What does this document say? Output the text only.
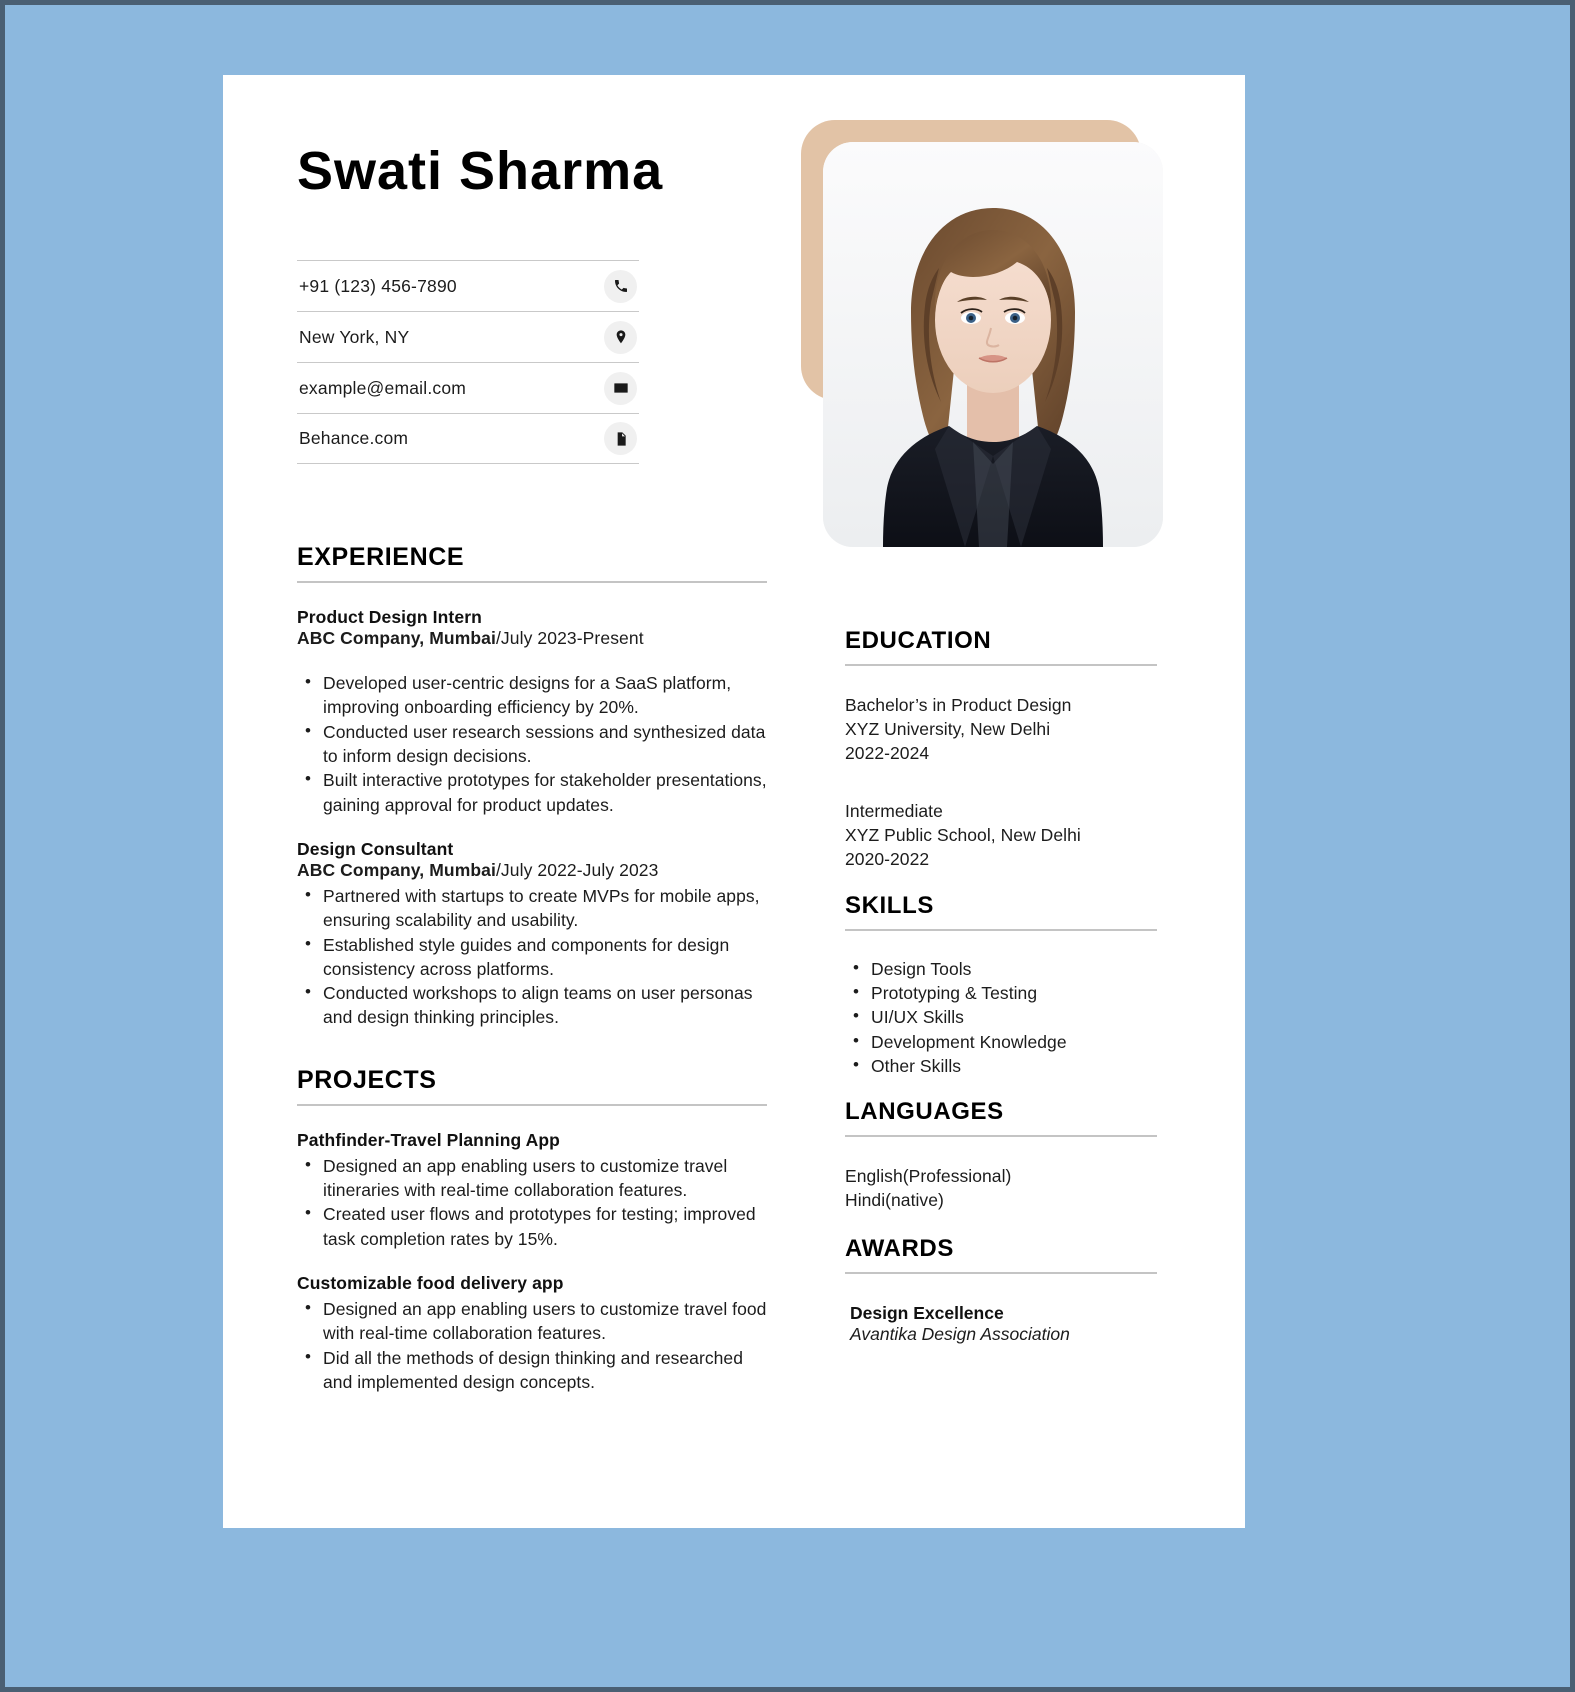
Swati Sharma
+91 (123) 456-7890
New York, NY
example@email.com
Behance.com
EXPERIENCE
Product Design Intern
ABC Company, Mumbai/July 2023-Present
• Developed user-centric designs for a SaaS platform, improving onboarding efficiency by 20%.
• Conducted user research sessions and synthesized data to inform design decisions.
• Built interactive prototypes for stakeholder presentations, gaining approval for product updates.
Design Consultant
ABC Company, Mumbai/July 2022-July 2023
• Partnered with startups to create MVPs for mobile apps, ensuring scalability and usability.
• Established style guides and components for design consistency across platforms.
• Conducted workshops to align teams on user personas and design thinking principles.
PROJECTS
Pathfinder-Travel Planning App
• Designed an app enabling users to customize travel itineraries with real-time collaboration features.
• Created user flows and prototypes for testing; improved task completion rates by 15%.
Customizable food delivery app
• Designed an app enabling users to customize travel food with real-time collaboration features.
• Did all the methods of design thinking and researched and implemented design concepts.
EDUCATION
Bachelor’s in Product Design
XYZ University, New Delhi
2022-2024
Intermediate
XYZ Public School, New Delhi
2020-2022
SKILLS
• Design Tools
• Prototyping & Testing
• UI/UX Skills
• Development Knowledge
• Other Skills
LANGUAGES
English(Professional)
Hindi(native)
AWARDS
Design Excellence
Avantika Design Association
